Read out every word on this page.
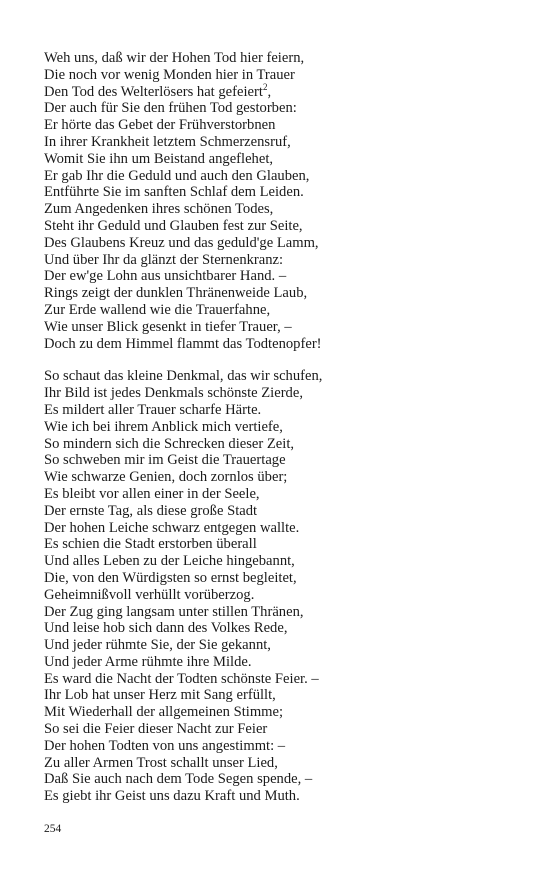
Weh uns, daß wir der Hohen Tod hier feiern,
Die noch vor wenig Monden hier in Trauer
Den Tod des Welterlösers hat gefeiert$^2$,
Der auch für Sie den frühen Tod gestorben:
Er hörte das Gebet der Frühverstorbnen
In ihrer Krankheit letztem Schmerzensruf,
Womit Sie ihn um Beistand angeflehet,
Er gab Ihr die Geduld und auch den Glauben,
Entführte Sie im sanften Schlaf dem Leiden.
Zum Angedenken ihres schönen Todes,
Steht ihr Geduld und Glauben fest zur Seite,
Des Glaubens Kreuz und das geduld'ge Lamm,
Und über Ihr da glänzt der Sternenkranz:
Der ew'ge Lohn aus unsichtbarer Hand. –
Rings zeigt der dunklen Thränenweide Laub,
Zur Erde wallend wie die Trauerfahne,
Wie unser Blick gesenkt in tiefer Trauer, –
Doch zu dem Himmel flammt das Todtenopfer!
So schaut das kleine Denkmal, das wir schufen,
Ihr Bild ist jedes Denkmals schönste Zierde,
Es mildert aller Trauer scharfe Härte.
Wie ich bei ihrem Anblick mich vertiefe,
So mindern sich die Schrecken dieser Zeit,
So schweben mir im Geist die Trauertage
Wie schwarze Genien, doch zornlos über;
Es bleibt vor allen einer in der Seele,
Der ernste Tag, als diese große Stadt
Der hohen Leiche schwarz entgegen wallte.
Es schien die Stadt erstorben überall
Und alles Leben zu der Leiche hingebannt,
Die, von den Würdigsten so ernst begleitet,
Geheimnißvoll verhüllt vorüberzog.
Der Zug ging langsam unter stillen Thränen,
Und leise hob sich dann des Volkes Rede,
Und jeder rühmte Sie, der Sie gekannt,
Und jeder Arme rühmte ihre Milde.
Es ward die Nacht der Todten schönste Feier. –
Ihr Lob hat unser Herz mit Sang erfüllt,
Mit Wiederhall der allgemeinen Stimme;
So sei die Feier dieser Nacht zur Feier
Der hohen Todten von uns angestimmt: –
Zu aller Armen Trost schallt unser Lied,
Daß Sie auch nach dem Tode Segen spende, –
Es giebt ihr Geist uns dazu Kraft und Muth.
254
